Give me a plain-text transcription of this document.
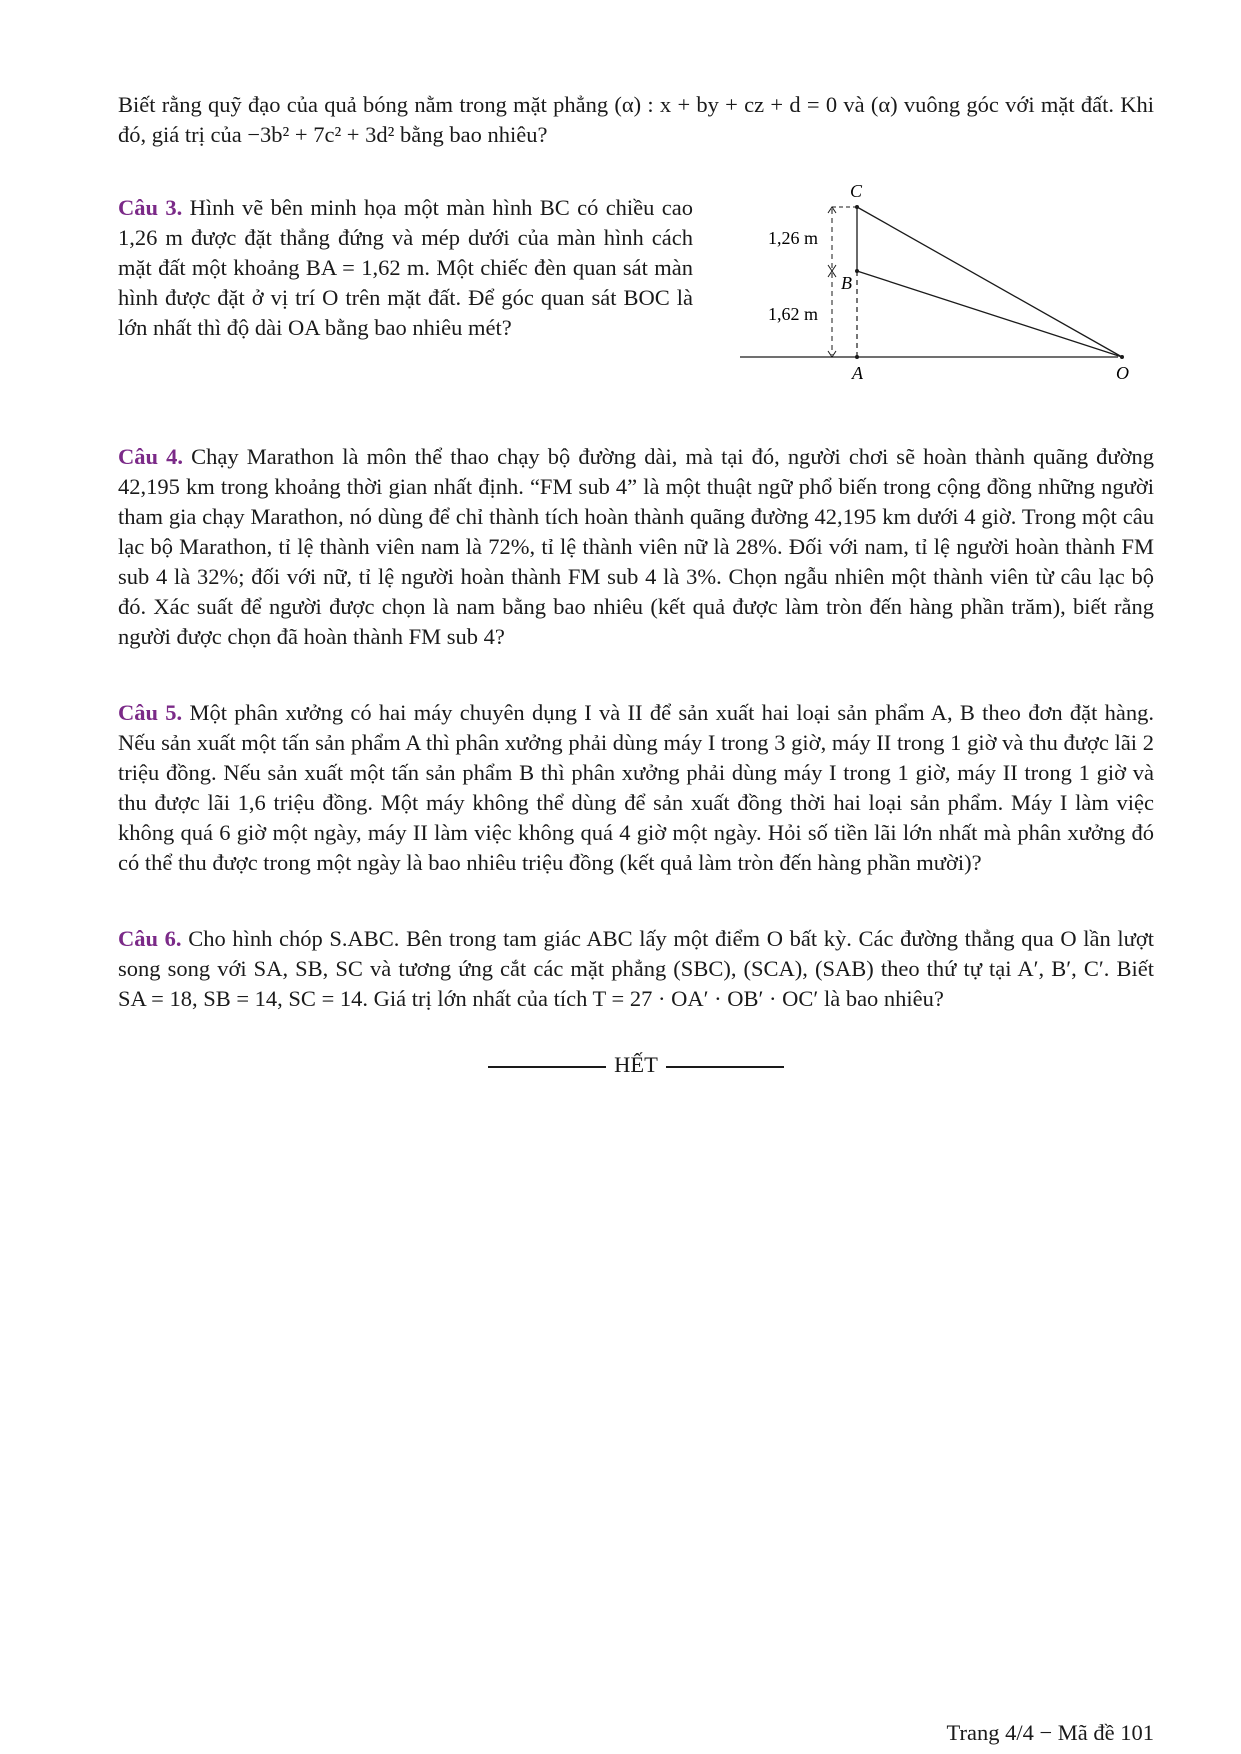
Biết rằng quỹ đạo của quả bóng nằm trong mặt phẳng (α) : x + by + cz + d = 0 và (α) vuông góc với mặt đất. Khi đó, giá trị của −3b² + 7c² + 3d² bằng bao nhiêu?

Câu 3. Hình vẽ bên minh họa một màn hình BC có chiều cao 1,26 m được đặt thẳng đứng và mép dưới của màn hình cách mặt đất một khoảng BA = 1,62 m. Một chiếc đèn quan sát màn hình được đặt ở vị trí O trên mặt đất. Để góc quan sát BOC là lớn nhất thì độ dài OA bằng bao nhiêu mét?

C
B
A	O
1,26 m
1,62 m

Câu 4. Chạy Marathon là môn thể thao chạy bộ đường dài, mà tại đó, người chơi sẽ hoàn thành quãng đường 42,195 km trong khoảng thời gian nhất định. “FM sub 4” là một thuật ngữ phổ biến trong cộng đồng những người tham gia chạy Marathon, nó dùng để chỉ thành tích hoàn thành quãng đường 42,195 km dưới 4 giờ. Trong một câu lạc bộ Marathon, tỉ lệ thành viên nam là 72%, tỉ lệ thành viên nữ là 28%. Đối với nam, tỉ lệ người hoàn thành FM sub 4 là 32%; đối với nữ, tỉ lệ người hoàn thành FM sub 4 là 3%. Chọn ngẫu nhiên một thành viên từ câu lạc bộ đó. Xác suất để người được chọn là nam bằng bao nhiêu (kết quả được làm tròn đến hàng phần trăm), biết rằng người được chọn đã hoàn thành FM sub 4?

Câu 5. Một phân xưởng có hai máy chuyên dụng I và II để sản xuất hai loại sản phẩm A, B theo đơn đặt hàng. Nếu sản xuất một tấn sản phẩm A thì phân xưởng phải dùng máy I trong 3 giờ, máy II trong 1 giờ và thu được lãi 2 triệu đồng. Nếu sản xuất một tấn sản phẩm B thì phân xưởng phải dùng máy I trong 1 giờ, máy II trong 1 giờ và thu được lãi 1,6 triệu đồng. Một máy không thể dùng để sản xuất đồng thời hai loại sản phẩm. Máy I làm việc không quá 6 giờ một ngày, máy II làm việc không quá 4 giờ một ngày. Hỏi số tiền lãi lớn nhất mà phân xưởng đó có thể thu được trong một ngày là bao nhiêu triệu đồng (kết quả làm tròn đến hàng phần mười)?

Câu 6. Cho hình chóp S.ABC. Bên trong tam giác ABC lấy một điểm O bất kỳ. Các đường thẳng qua O lần lượt song song với SA, SB, SC và tương ứng cắt các mặt phẳng (SBC), (SCA), (SAB) theo thứ tự tại A′, B′, C′. Biết SA = 18, SB = 14, SC = 14. Giá trị lớn nhất của tích T = 27 · OA′ · OB′ · OC′ là bao nhiêu?

HẾT
Trang 4/4 − Mã đề 101
